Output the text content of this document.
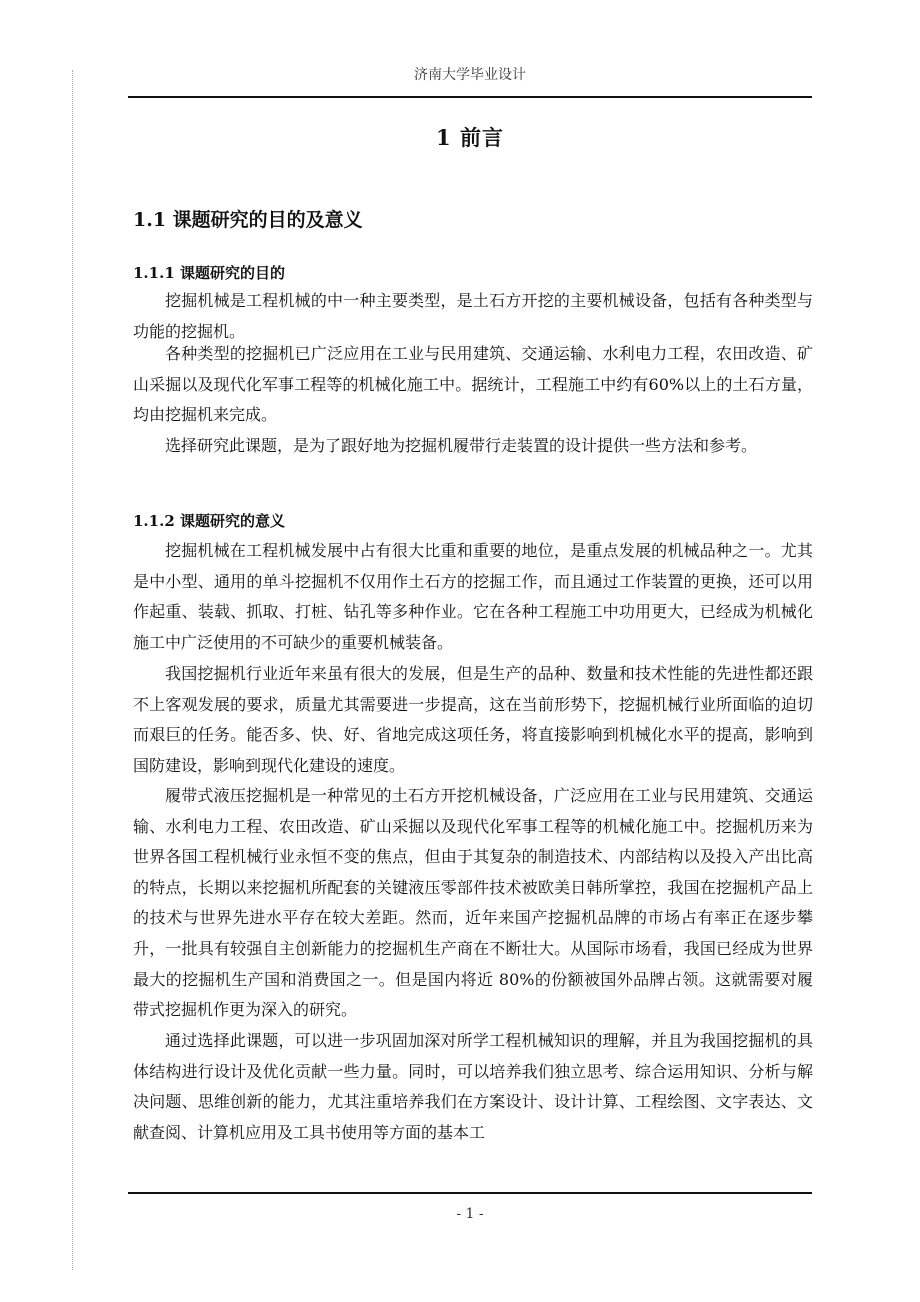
济南大学毕业设计
1 前言
1.1 课题研究的目的及意义
1.1.1 课题研究的目的

挖掘机械是工程机械的中一种主要类型，是土石方开挖的主要机械设备，包括有各种类型与功能的挖掘机。

各种类型的挖掘机已广泛应用在工业与民用建筑、交通运输、水利电力工程，农田改造、矿山采掘以及现代化军事工程等的机械化施工中。据统计，工程施工中约有60%以上的土石方量，均由挖掘机来完成。

选择研究此课题，是为了跟好地为挖掘机履带行走装置的设计提供一些方法和参考。

1.1.2 课题研究的意义

挖掘机械在工程机械发展中占有很大比重和重要的地位，是重点发展的机械品种之一。尤其是中小型、通用的单斗挖掘机不仅用作土石方的挖掘工作，而且通过工作装置的更换，还可以用作起重、装载、抓取、打桩、钻孔等多种作业。它在各种工程施工中功用更大，已经成为机械化施工中广泛使用的不可缺少的重要机械装备。

我国挖掘机行业近年来虽有很大的发展，但是生产的品种、数量和技术性能的先进性都还跟不上客观发展的要求，质量尤其需要进一步提高，这在当前形势下，挖掘机械行业所面临的迫切而艰巨的任务。能否多、快、好、省地完成这项任务，将直接影响到机械化水平的提高，影响到国防建设，影响到现代化建设的速度。

履带式液压挖掘机是一种常见的土石方开挖机械设备，广泛应用在工业与民用建筑、交通运输、水利电力工程、农田改造、矿山采掘以及现代化军事工程等的机械化施工中。挖掘机历来为世界各国工程机械行业永恒不变的焦点，但由于其复杂的制造技术、内部结构以及投入产出比高的特点，长期以来挖掘机所配套的关键液压零部件技术被欧美日韩所掌控，我国在挖掘机产品上的技术与世界先进水平存在较大差距。然而，近年来国产挖掘机品牌的市场占有率正在逐步攀升，一批具有较强自主创新能力的挖掘机生产商在不断壮大。从国际市场看，我国已经成为世界最大的挖掘机生产国和消费国之一。但是国内将近 80%的份额被国外品牌占领。这就需要对履带式挖掘机作更为深入的研究。

通过选择此课题，可以进一步巩固加深对所学工程机械知识的理解，并且为我国挖掘机的具体结构进行设计及优化贡献一些力量。同时，可以培养我们独立思考、综合运用知识、分析与解决问题、思维创新的能力，尤其注重培养我们在方案设计、设计计算、工程绘图、文字表达、文献查阅、计算机应用及工具书使用等方面的基本工

- 1 -
